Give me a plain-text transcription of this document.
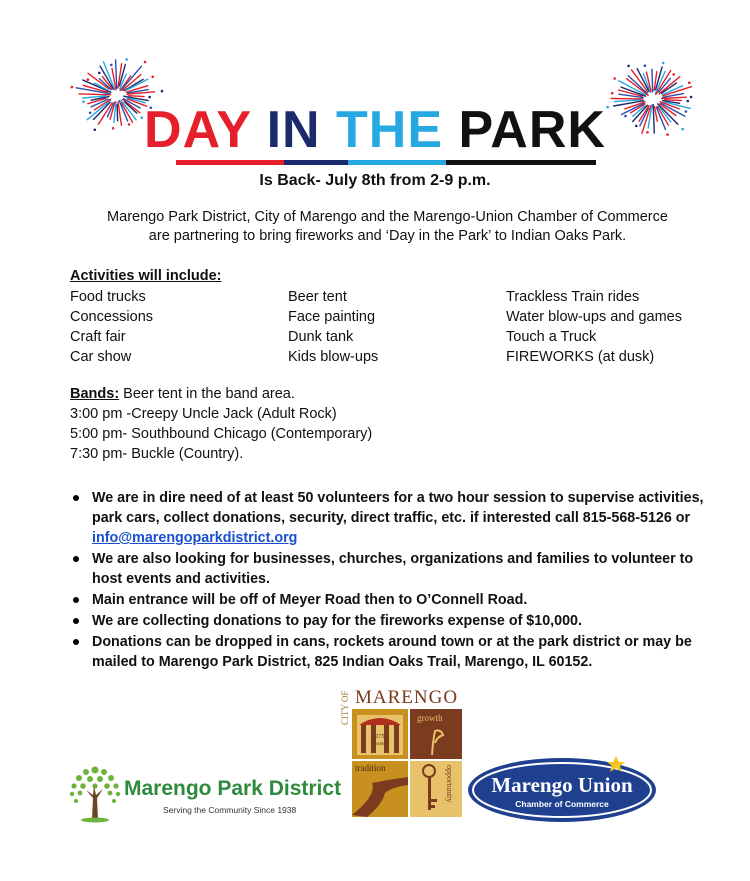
DAY IN THE PARK
Is Back- July 8th from 2-9 p.m.
Marengo Park District, City of Marengo and the Marengo-Union Chamber of Commerce
are partnering to bring fireworks and ‘Day in the Park’ to Indian Oaks Park.
Activities will include:
Food trucks
Concessions
Craft fair
Car show
Beer tent
Face painting
Dunk tank
Kids blow-ups
Trackless Train rides
Water blow-ups and games
Touch a Truck
FIREWORKS (at dusk)
Bands: Beer tent in the band area.
3:00 pm -Creepy Uncle Jack (Adult Rock)
5:00 pm- Southbound Chicago (Contemporary)
7:30 pm- Buckle (Country).
We are in dire need of at least 50 volunteers for a two hour session to supervise activities, park cars, collect donations, security, direct traffic, etc. if interested call 815-568-5126 or info@marengoparkdistrict.org
We are also looking for businesses, churches, organizations and families to volunteer to host events and activities.
Main entrance will be off of Meyer Road then to O’Connell Road.
We are collecting donations to pay for the fireworks expense of $10,000.
Donations can be dropped in cans, rockets around town or at the park district or may be mailed to Marengo Park District, 825 Indian Oaks Trail, Marengo, IL 60152.
Marengo Park District
Serving the Community Since 1938
CITY OF MARENGO
175
years
growth
tradition	opportunity Marengo Union
Chamber of Commerce
